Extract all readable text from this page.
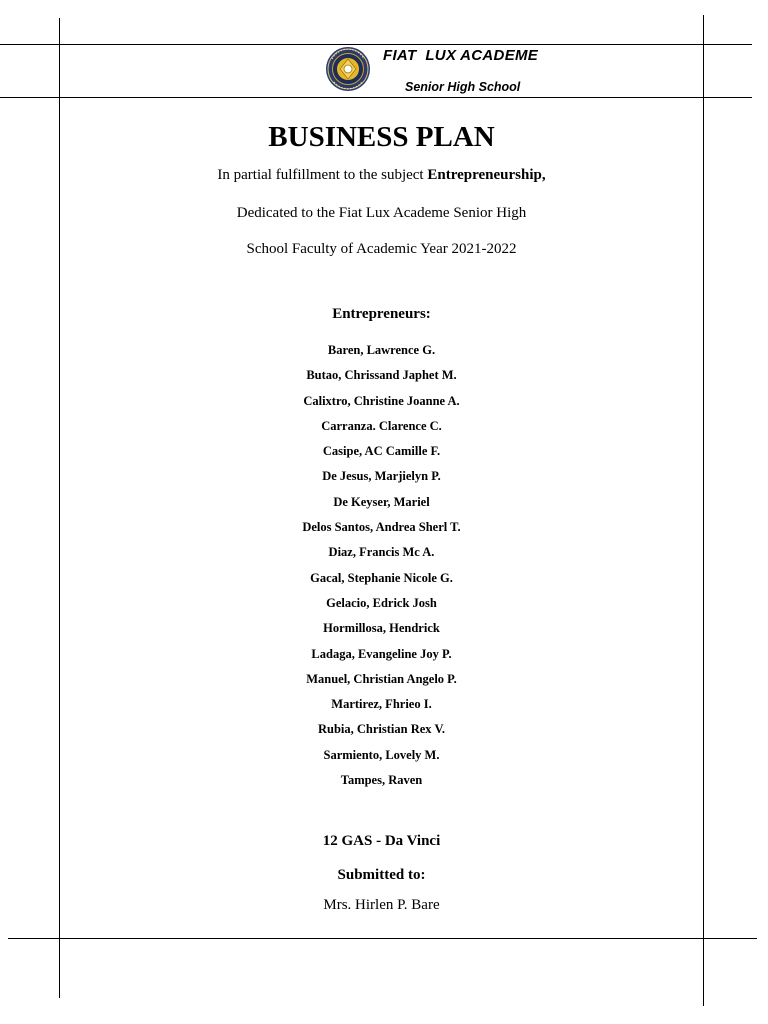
FIAT  LUX ACADEME
Senior High School
BUSINESS PLAN
In partial fulfillment to the subject Entrepreneurship,
Dedicated to the Fiat Lux Academe Senior High
School Faculty of Academic Year 2021-2022
Entrepreneurs:
Baren, Lawrence G.
Butao, Chrissand Japhet M.
Calixtro, Christine Joanne A.
Carranza. Clarence C.
Casipe, AC Camille F.
De Jesus, Marjielyn P.
De Keyser, Mariel
Delos Santos, Andrea Sherl T.
Diaz, Francis Mc A.
Gacal, Stephanie Nicole G.
Gelacio, Edrick Josh
Hormillosa, Hendrick
Ladaga, Evangeline Joy P.
Manuel, Christian Angelo P.
Martirez, Fhrieo I.
Rubia, Christian Rex V.
Sarmiento, Lovely M.
Tampes, Raven
12 GAS - Da Vinci
Submitted to:
Mrs. Hirlen P. Bare
